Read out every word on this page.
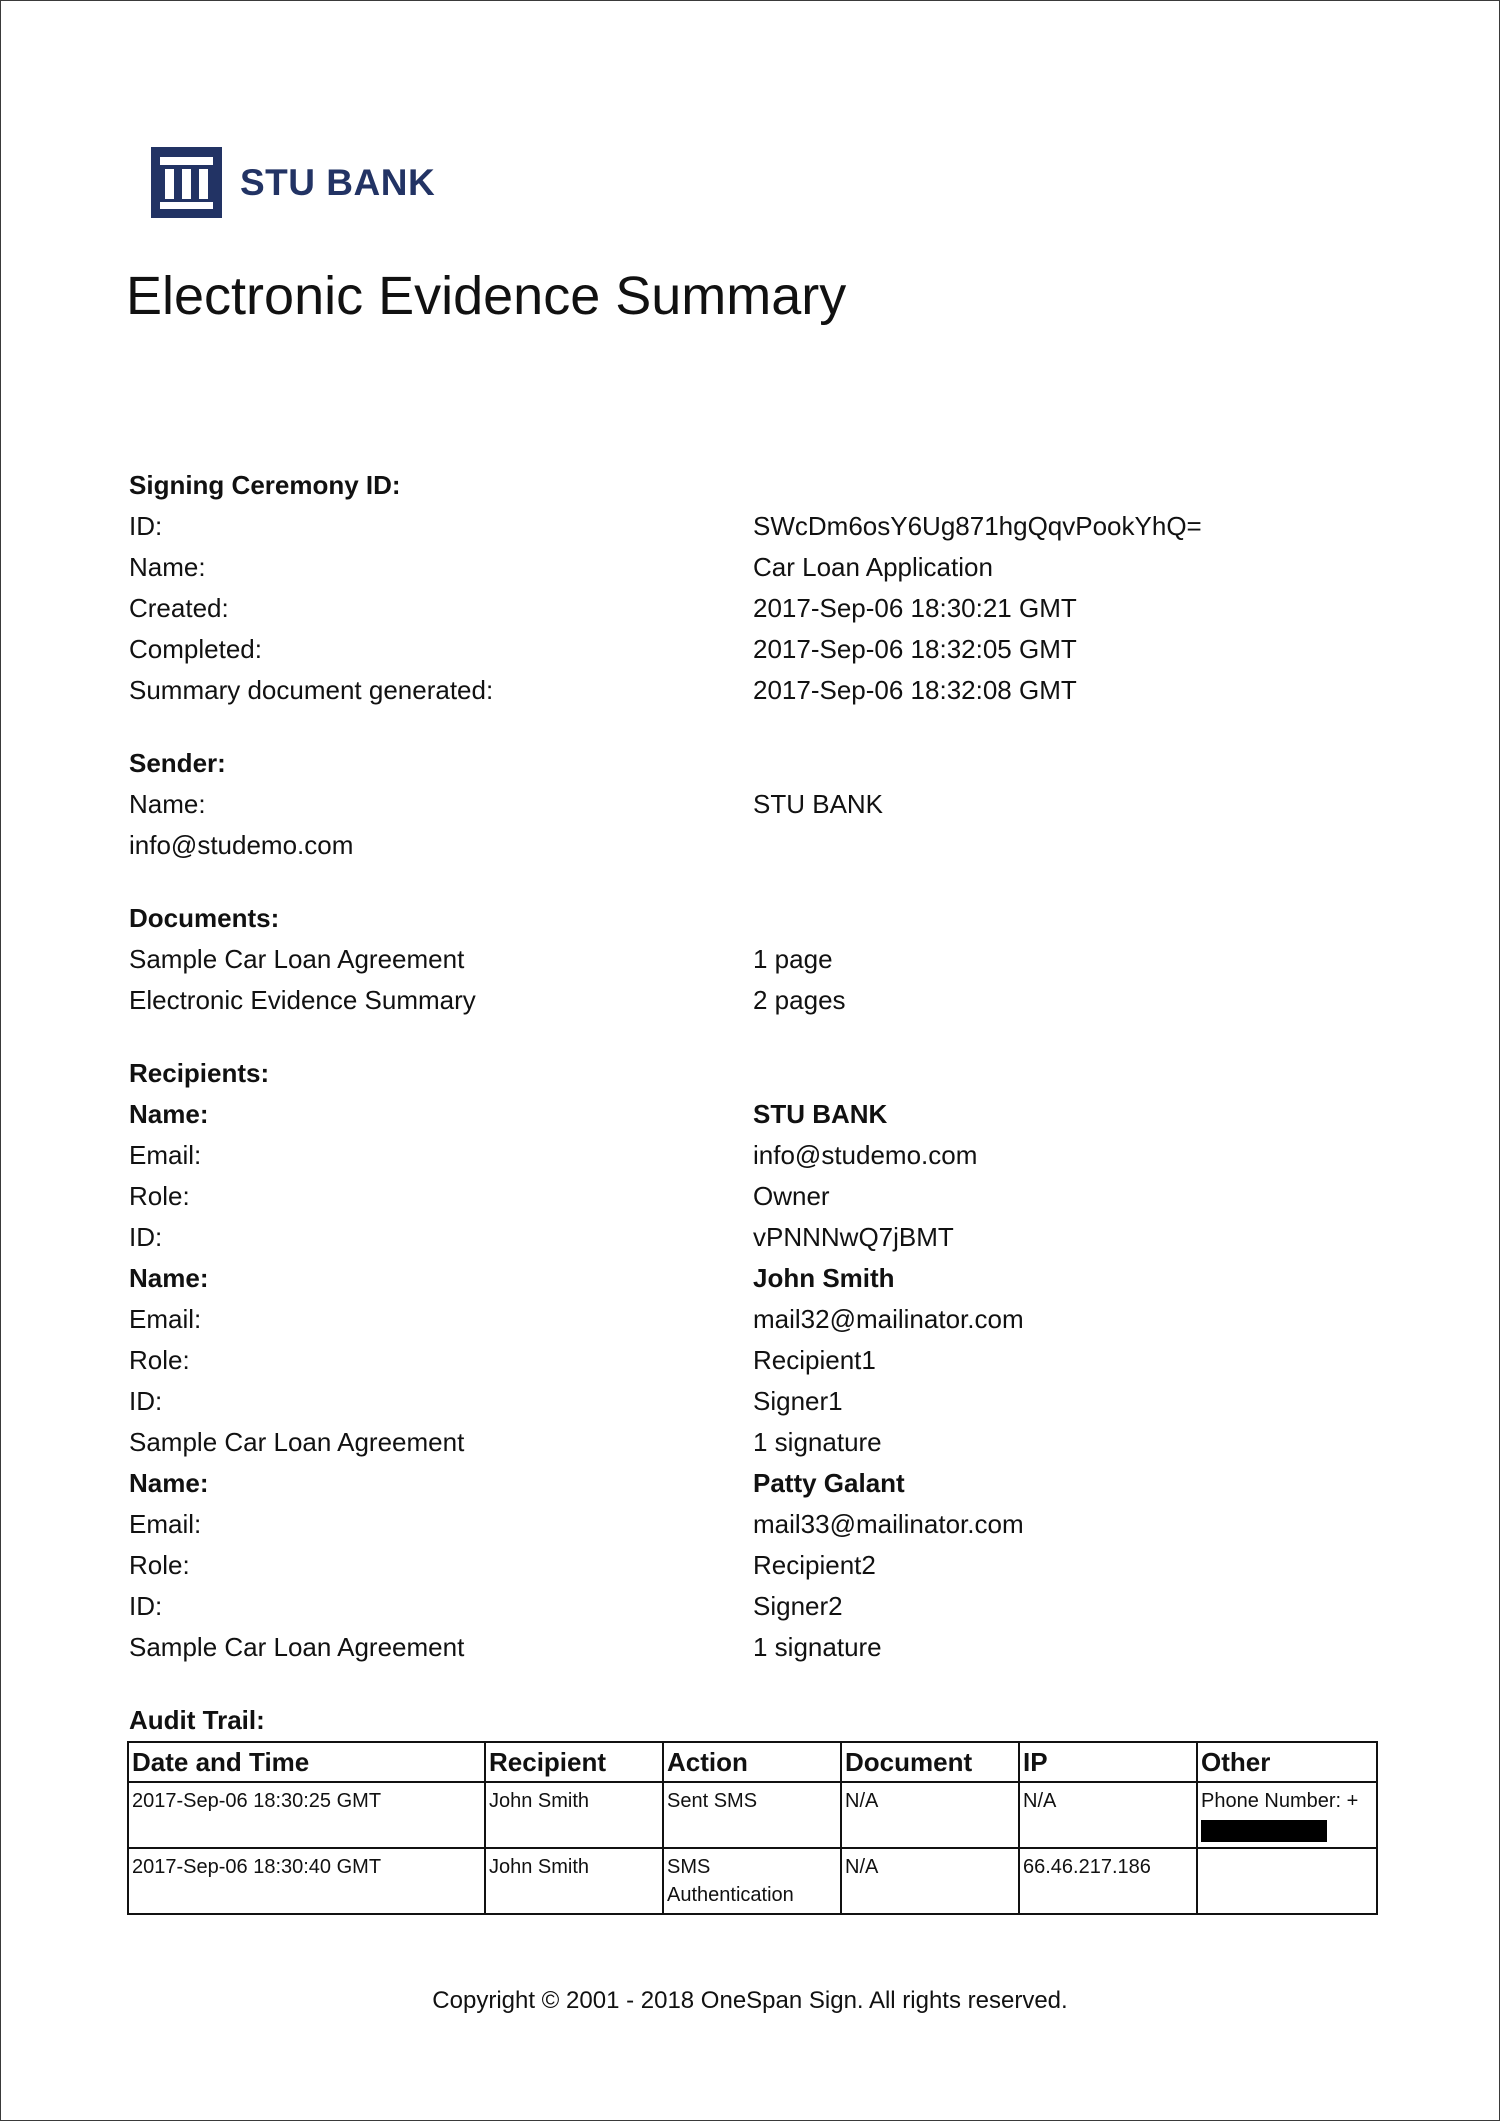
STU BANK
Electronic Evidence Summary
Signing Ceremony ID:
ID:	SWcDm6osY6Ug871hgQqvPookYhQ=
Name:	Car Loan Application
Created:	2017-Sep-06 18:30:21 GMT
Completed:	2017-Sep-06 18:32:05 GMT
Summary document generated:	2017-Sep-06 18:32:08 GMT
Sender:
Name:	STU BANK
info@studemo.com
Documents:
Sample Car Loan Agreement	1 page
Electronic Evidence Summary	2 pages
Recipients:
Name:	STU BANK
Email:	info@studemo.com
Role:	Owner
ID:	vPNNNwQ7jBMT
Name:	John Smith
Email:	mail32@mailinator.com
Role:	Recipient1
ID:	Signer1
Sample Car Loan Agreement	1 signature
Name:	Patty Galant
Email:	mail33@mailinator.com
Role:	Recipient2
ID:	Signer2
Sample Car Loan Agreement	1 signature
Audit Trail:
Date and Time	Recipient	Action	Document	IP	Other
2017-Sep-06 18:30:25 GMT	John Smith	Sent SMS	N/A	N/A	Phone Number: +

2017-Sep-06 18:30:40 GMT	John Smith	SMS Authentication	N/A	66.46.217.186	
Copyright © 2001 - 2018 OneSpan Sign. All rights reserved.
